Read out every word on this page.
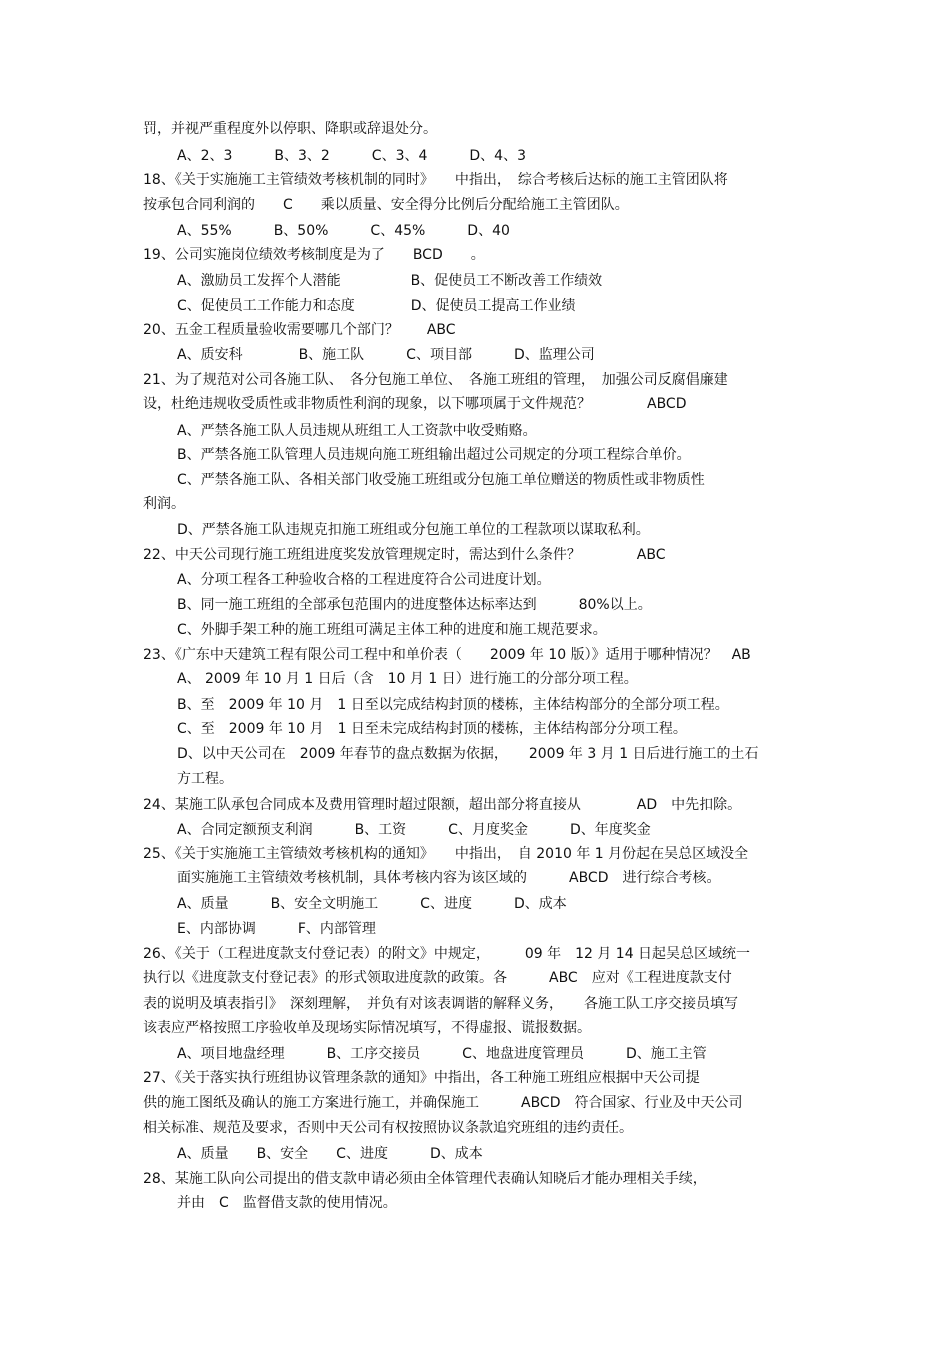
罚，并视严重程度外以停职、降职或辞退处分。
A、2、3　　　B、3、2　　　C、3、4　　　D、4、3
18、《关于实施施工主管绩效考核机制的同时》　　中指出，　综合考核后达标的施工主管团队将
按承包合同利润的　　C　　乘以质量、安全得分比例后分配给施工主管团队。
A、55%　　　B、50%　　　C、45%　　　D、40
19、公司实施岗位绩效考核制度是为了　　BCD　　。
A、激励员工发挥个人潜能　　　　　B、促使员工不断改善工作绩效
C、促使员工工作能力和态度　　　　D、促使员工提高工作业绩
20、五金工程质量验收需要哪几个部门？　　ABC
A、质安科　　　　B、施工队　　　C、项目部　　　D、监理公司
21、为了规范对公司各施工队、　各分包施工单位、　各施工班组的管理，　加强公司反腐倡廉建
设，杜绝违规收受质性或非物质性利润的现象，以下哪项属于文件规范？　　　　ABCD
A、严禁各施工队人员违规从班组工人工资款中收受贿赂。
B、严禁各施工队管理人员违规向施工班组输出超过公司规定的分项工程综合单价。
C、严禁各施工队、各相关部门收受施工班组或分包施工单位赠送的物质性或非物质性
利润。
D、严禁各施工队违规克扣施工班组或分包施工单位的工程款项以谋取私利。
22、中天公司现行施工班组进度奖发放管理规定时，需达到什么条件？　　　　ABC
A、分项工程各工种验收合格的工程进度符合公司进度计划。
B、同一施工班组的全部承包范围内的进度整体达标率达到　　　80%以上。
C、外脚手架工种的施工班组可满足主体工种的进度和施工规范要求。
23、《广东中天建筑工程有限公司工程中和单价表（　　2009 年 10 版）》适用于哪种情况？　AB
A、 2009 年 10 月 1 日后（含　10 月 1 日）进行施工的分部分项工程。
B、至　2009 年 10 月　1 日至以完成结构封顶的楼栋，主体结构部分的全部分项工程。
C、至　2009 年 10 月　1 日至未完成结构封顶的楼栋，主体结构部分分项工程。
D、以中天公司在　2009 年春节的盘点数据为依据，　　2009 年 3 月 1 日后进行施工的土石
方工程。
24、某施工队承包合同成本及费用管理时超过限额，超出部分将直接从　　　　AD　中先扣除。
A、合同定额预支利润　　　B、工资　　　C、月度奖金　　　D、年度奖金
25、《关于实施施工主管绩效考核机构的通知》　　中指出，　自 2010 年 1 月份起在吴总区域没全
面实施施工主管绩效考核机制，具体考核内容为该区域的　　　ABCD　进行综合考核。
A、质量　　　B、安全文明施工　　　C、进度　　　D、成本
E、内部协调　　　F、内部管理
26、《关于（工程进度款支付登记表）的附文》中规定，　　　09 年　12 月 14 日起吴总区域统一
执行以《进度款支付登记表》的形式领取进度款的政策。各　　　ABC　应对《工程进度款支付
表的说明及填表指引》　深刻理解，　并负有对该表调谐的解释义务，　　各施工队工序交接员填写
该表应严格按照工序验收单及现场实际情况填写，不得虚报、谎报数据。
A、项目地盘经理　　　B、工序交接员　　　C、地盘进度管理员　　　D、施工主管
27、《关于落实执行班组协议管理条款的通知》中指出，各工种施工班组应根据中天公司提
供的施工图纸及确认的施工方案进行施工，并确保施工　　　ABCD　符合国家、行业及中天公司
相关标准、规范及要求，否则中天公司有权按照协议条款追究班组的违约责任。
A、质量　　B、安全　　C、进度　　　D、成本
28、某施工队向公司提出的借支款申请必须由全体管理代表确认知晓后才能办理相关手续，
并由　C　监督借支款的使用情况。
